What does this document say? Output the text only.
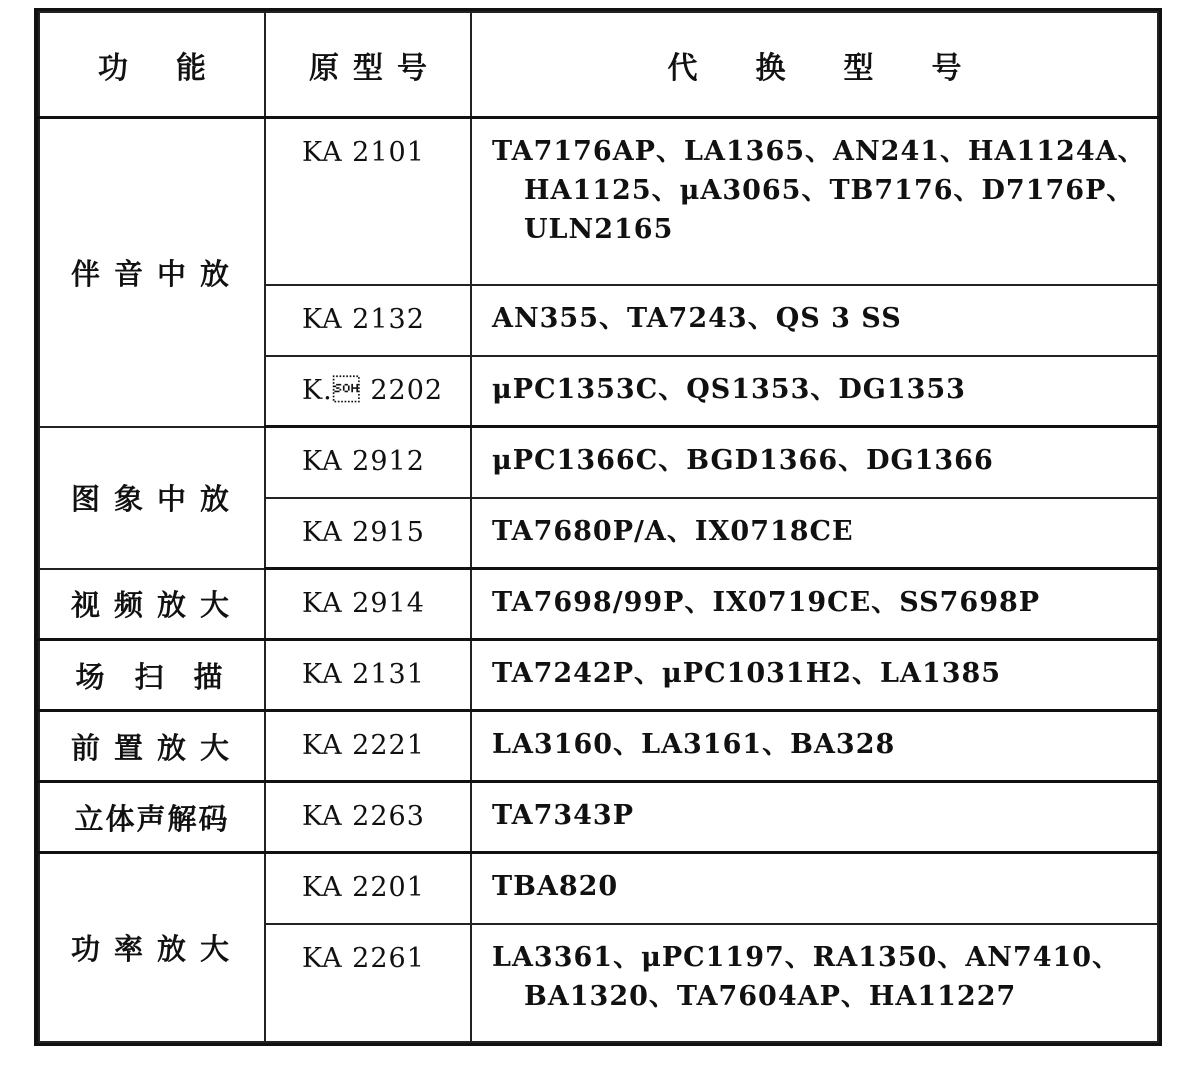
功能	原型号	代换型号
伴音中放	KA 2101	TA7176AP、LA1365、AN241、HA1124A、
HA1125、μA3065、TB7176、D7176P、
ULN2165

	KA 2132	AN355、TA7243、QS 3 SS

	K. 2202	μPC1353C、QS1353、DG1353

图象中放	KA 2912	μPC1366C、BGD1366、DG1366

	KA 2915	TA7680P/A、IX0718CE

视频放大	KA 2914	TA7698/99P、IX0719CE、SS7698P

场扫描	KA 2131	TA7242P、μPC1031H2、LA1385

前置放大	KA 2221	LA3160、LA3161、BA328

立体声解码	KA 2263	TA7343P

功率放大	KA 2201	TBA820

	KA 2261	LA3361、μPC1197、RA1350、AN7410、
BA1320、TA7604AP、HA11227
